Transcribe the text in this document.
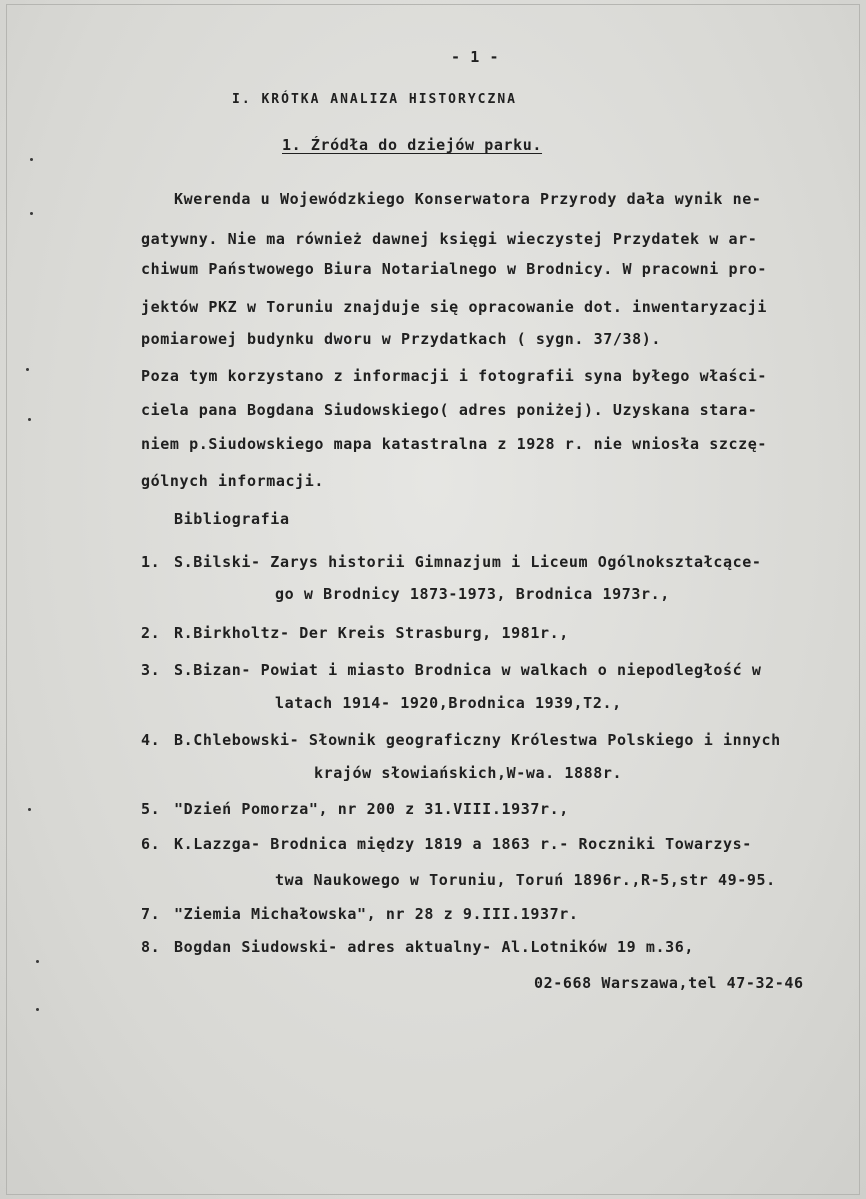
- 1 -
I. KRÓTKA ANALIZA HISTORYCZNA
1. Źródła do dziejów parku.
Kwerenda u Wojewódzkiego Konserwatora Przyrody dała wynik ne-
gatywny. Nie ma również dawnej księgi wieczystej Przydatek w ar-
chiwum Państwowego Biura Notarialnego w Brodnicy. W pracowni pro-
jektów PKZ w Toruniu znajduje się opracowanie dot. inwentaryzacji
pomiarowej budynku dworu w Przydatkach ( sygn. 37/38).
Poza tym korzystano z informacji i fotografii syna byłego właści-
ciela pana Bogdana Siudowskiego( adres poniżej). Uzyskana stara-
niem p.Siudowskiego mapa katastralna z 1928 r. nie wniosła szczę-
gólnych informacji.
Bibliografia
1. S.Bilski- Zarys historii Gimnazjum i Liceum Ogólnokształcące-
go w Brodnicy 1873-1973, Brodnica 1973r.,
2. R.Birkholtz- Der Kreis Strasburg, 1981r.,
3. S.Bizan- Powiat i miasto Brodnica w walkach o niepodległość w
latach 1914- 1920,Brodnica 1939,T2.,
4. B.Chlebowski- Słownik geograficzny Królestwa Polskiego i innych
krajów słowiańskich,W-wa. 1888r.
5. "Dzień Pomorza", nr 200 z 31.VIII.1937r.,
6. K.Lazzga- Brodnica między 1819 a 1863 r.- Roczniki Towarzys-
twa Naukowego w Toruniu, Toruń 1896r.,R-5,str 49-95.
7. "Ziemia Michałowska", nr 28 z 9.III.1937r.
8. Bogdan Siudowski- adres aktualny- Al.Lotników 19 m.36,
02-668 Warszawa,tel 47-32-46
